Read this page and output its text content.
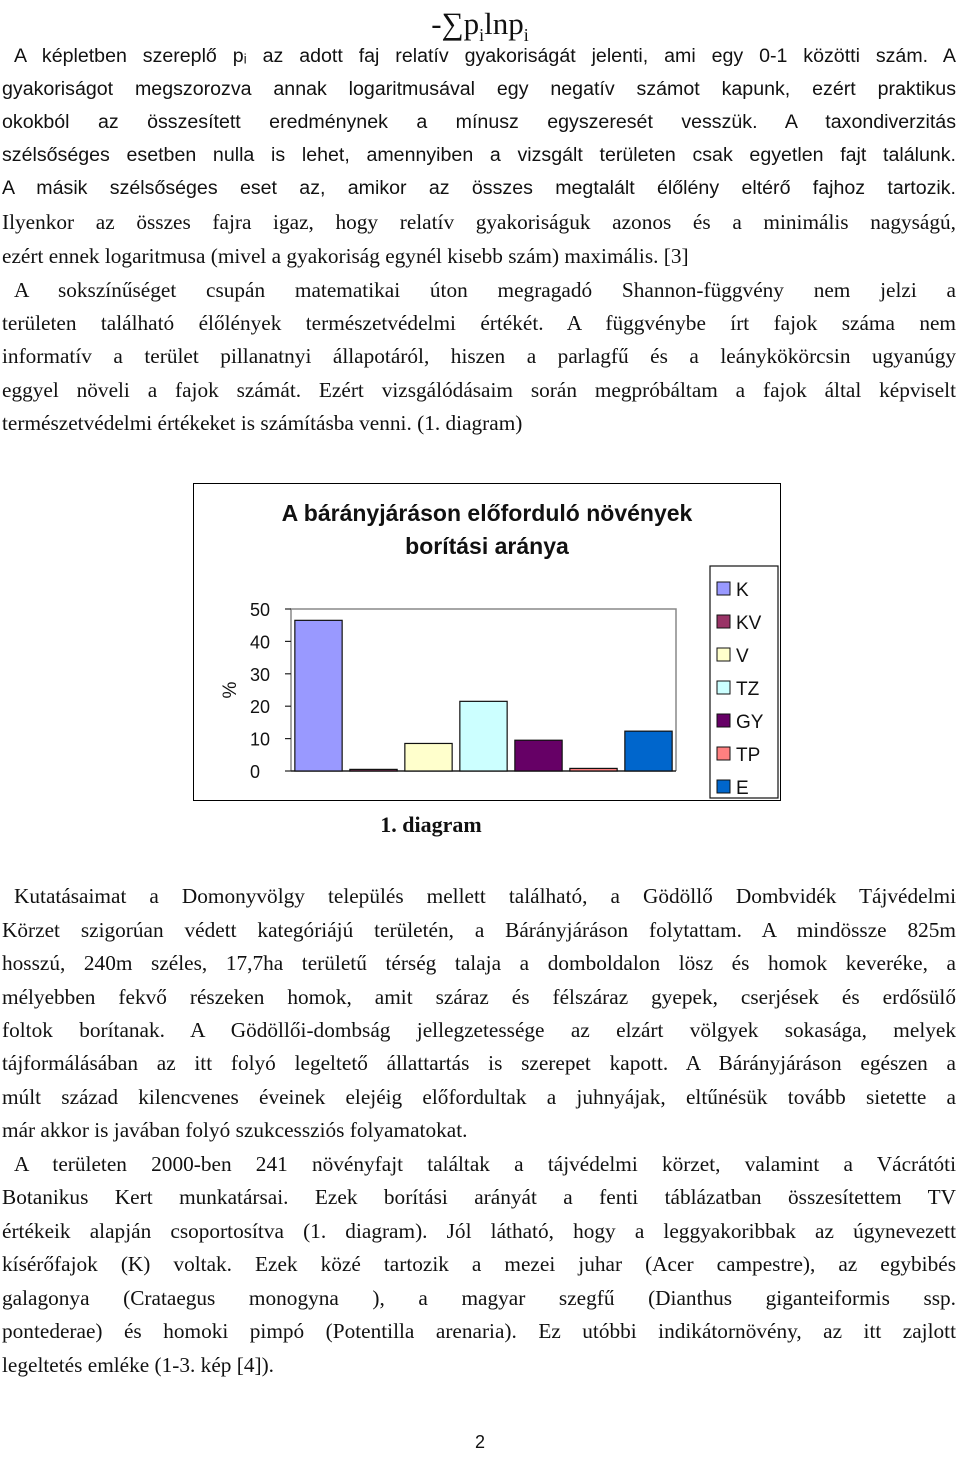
$-\sum p_i\ln p_i$
A képletben szereplő pᵢ az adott faj relatív gyakoriságát jelenti, ami egy 0-1 közötti szám. A
gyakoriságot megszorozva annak logaritmusával egy negatív számot kapunk, ezért praktikus
okokból az összesített eredménynek a mínusz egyszeresét vesszük. A taxondiverzitás
szélsőséges esetben nulla is lehet, amennyiben a vizsgált területen csak egyetlen fajt találunk.
A másik szélsőséges eset az, amikor az összes megtalált élőlény eltérő fajhoz tartozik.
Ilyenkor az összes fajra igaz, hogy relatív gyakoriságuk azonos és a minimális nagyságú,
ezért ennek logaritmusa (mivel a gyakoriság egynél kisebb szám) maximális. [3]
A sokszínűséget csupán matematikai úton megragadó Shannon-függvény nem jelzi a
területen található élőlények természetvédelmi értékét. A függvénybe írt fajok száma nem
informatív a terület pillanatnyi állapotáról, hiszen a parlagfű és a leánykökörcsin ugyanúgy
eggyel növeli a fajok számát. Ezért vizsgálódásaim során megpróbáltam a fajok által képviselt
természetvédelmi értékeket is számításba venni. (1. diagram)
A bárányjáráson előforduló növények
borítási aránya
%
50
40
30
20
10
0
K
KV
V
TZ
GY
TP
E
1. diagram
Kutatásaimat a Domonyvölgy település mellett található, a Gödöllő Dombvidék Tájvédelmi
Körzet szigorúan védett kategóriájú területén, a Bárányjáráson folytattam. A mindössze 825m
hosszú, 240m széles, 17,7ha területű térség talaja a domboldalon lösz és homok keveréke, a
mélyebben fekvő részeken homok, amit száraz és félszáraz gyepek, cserjések és erdősülő
foltok borítanak. A Gödöllői-dombság jellegzetessége az elzárt völgyek sokasága, melyek
tájformálásában az itt folyó legeltető állattartás is szerepet kapott. A Bárányjáráson egészen a
múlt század kilencvenes éveinek elejéig előfordultak a juhnyájak, eltűnésük tovább sietette a
már akkor is javában folyó szukcessziós folyamatokat.
A területen 2000-ben 241 növényfajt találtak a tájvédelmi körzet, valamint a Vácrátóti
Botanikus Kert munkatársai. Ezek borítási arányát a fenti táblázatban összesítettem TV
értékeik alapján csoportosítva (1. diagram). Jól látható, hogy a leggyakoribbak az úgynevezett
kísérőfajok (K) voltak. Ezek közé tartozik a mezei juhar (Acer campestre), az egybibés
galagonya (Crataegus monogyna ), a magyar szegfű (Dianthus giganteiformis ssp.
pontederae) és homoki pimpó (Potentilla arenaria). Ez utóbbi indikátornövény, az itt zajlott
legeltetés emléke (1-3. kép [4]).
2
